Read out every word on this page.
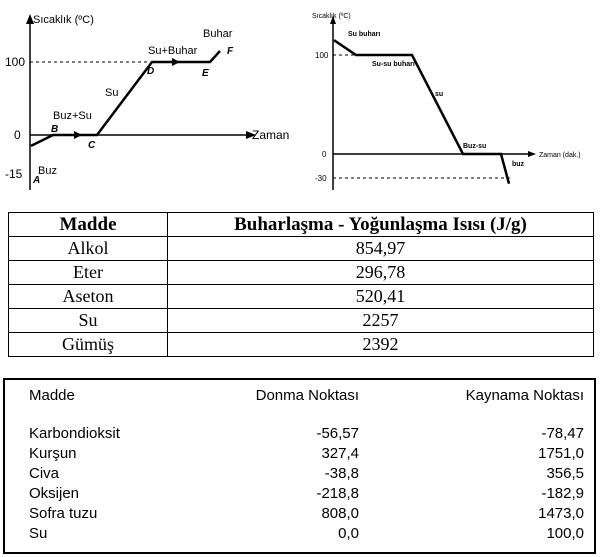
Sıcaklık (ºC)
Zaman
100
0
-15 A
B
C
D	E
F
Buz
Buz+Su
Su
Su+Buhar
Buhar
Sıcaklık (ºC)
Zaman (dak.)
100
0
-30
Su buharı
Su-su buharı
su
Buz-su
buz
Madde	Buharlaşma - Yoğunlaşma Isısı (J/g)
Alkol	854,97
Eter	296,78
Aseton	520,41
Su	2257
Gümüş	2392
Madde	Donma Noktası	Kaynama Noktası

Karbondioksit	-56,57	-78,47
Kurşun	327,4	1751,0
Civa	-38,8	356,5
Oksijen	-218,8	-182,9
Sofra tuzu	808,0	1473,0
Su	0,0	100,0
